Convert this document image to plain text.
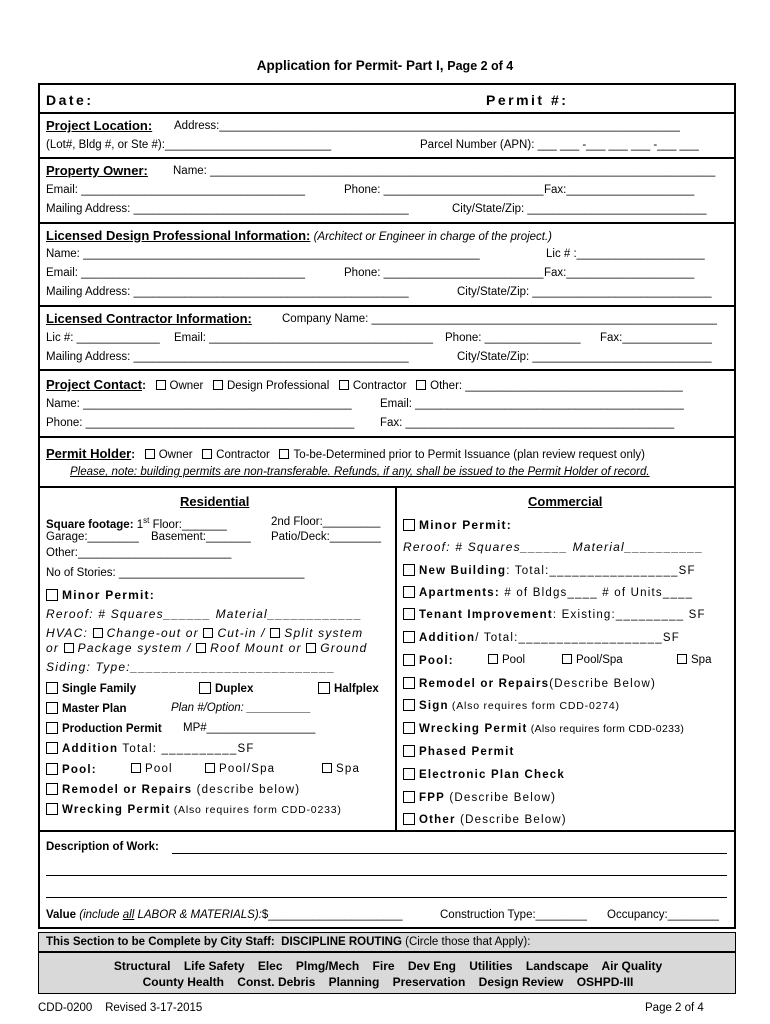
Application for Permit- Part I, Page 2 of 4
Date:	Permit #:
Project Location: Address:________________________________________________________________________
(Lot#, Bldg #, or Ste #):__________________________	Parcel Number (APN): ___ ___ -___ ___ ___ -___ ___
Property Owner: Name: _______________________________________________________________________________
Email: ___________________________________	Phone: _________________________ Fax:____________________
Mailing Address: ___________________________________________	City/State/Zip: ____________________________
Licensed Design Professional Information: (Architect or Engineer in charge of the project.)
Name: ______________________________________________________________	Lic # :____________________
Email: ___________________________________	Phone: _________________________ Fax:____________________
Mailing Address: ___________________________________________	City/State/Zip: ____________________________
Licensed Contractor Information:	Company Name: ______________________________________________________
Lic #: _____________ Email: ___________________________________ Phone: _______________ Fax:______________
Mailing Address: ___________________________________________	City/State/Zip: ____________________________
Project Contact: Owner Design Professional Contractor Other: __________________________________
Name: __________________________________________ Email: __________________________________________
Phone: __________________________________________ Fax: __________________________________________
Permit Holder: Owner Contractor To-be-Determined prior to Permit Issuance (plan review request only)
Please, note: building permits are non-transferable. Refunds, if any, shall be issued to the Permit Holder of record.
Residential
Square footage: 1st Floor:_______	2nd Floor:_________
Garage:________ Basement:_______ Patio/Deck:________
Other:________________________
No of Stories: _____________________________
Minor Permit:
Reroof: # Squares______ Material____________
HVAC: Change-out or Cut-in / Split system
or Package system / Roof Mount or Ground
Siding: Type:__________________________
Single Family	Duplex	Halfplex
Master Plan	Plan #/Option: __________
Production Permit MP#_________________
Addition Total: __________SF
Pool:	Pool	Pool/Spa	Spa
Remodel or Repairs (describe below)
Wrecking Permit (Also requires form CDD-0233)
Commercial
Minor Permit:
Reroof: # Squares______ Material__________
New Building: Total:_________________SF
Apartments: # of Bldgs____ # of Units____
Tenant Improvement: Existing:_________ SF
Addition/ Total:___________________SF
Pool:	Pool	Pool/Spa	Spa
Remodel or Repairs(Describe Below)
Sign (Also requires form CDD-0274)
Wrecking Permit (Also requires form CDD-0233)
Phased Permit
Electronic Plan Check
FPP (Describe Below)
Other (Describe Below)
Description of Work:
Value (include all LABOR & MATERIALS):$_____________________	Construction Type:________ Occupancy:________
This Section to be Complete by City Staff: DISCIPLINE ROUTING (Circle those that Apply):
Structural    Life Safety    Elec    Plmg/Mech    Fire    Dev Eng    Utilities    Landscape    Air Quality
County Health    Const. Debris    Planning    Preservation    Design Review    OSHPD-III
CDD-0200    Revised 3-17-2015	Page 2 of 4
